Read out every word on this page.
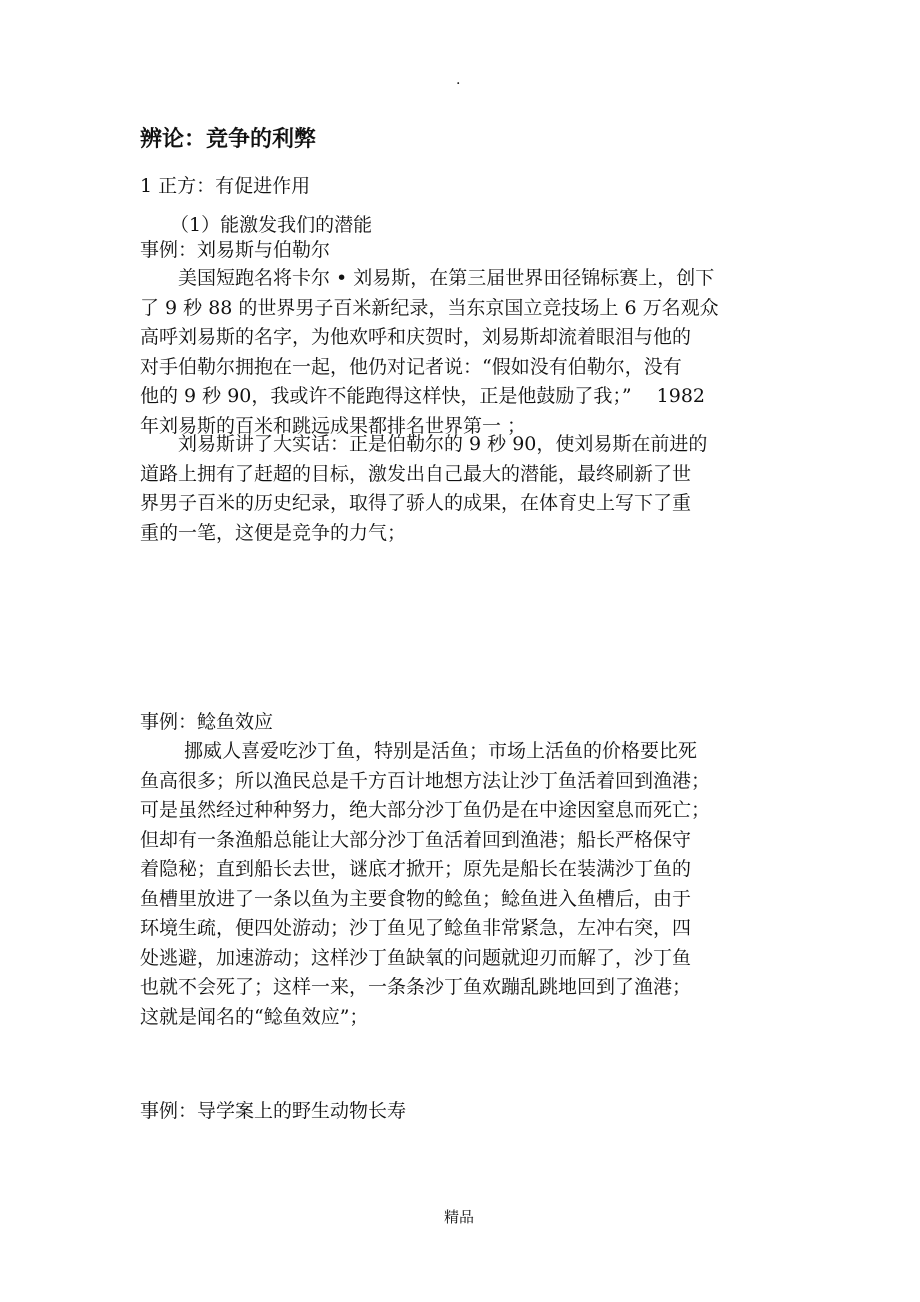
.
辨论：竞争的利弊
1 正方：有促进作用
（1）能激发我们的潜能
事例：刘易斯与伯勒尔
美国短跑名将卡尔 • 刘易斯，在第三届世界田径锦标赛上，创下
了 9 秒 88 的世界男子百米新纪录，当东京国立竞技场上 6 万名观众
高呼刘易斯的名字，为他欢呼和庆贺时，刘易斯却流着眼泪与他的
对手伯勒尔拥抱在一起，他仍对记者说：“假如没有伯勒尔，没有
他的 9 秒 90，我或许不能跑得这样快，正是他鼓励了我；”　 1982
年刘易斯的百米和跳远成果都排名世界第一 ；
刘易斯讲了大实话：正是伯勒尔的 9 秒 90，使刘易斯在前进的
道路上拥有了赶超的目标，激发出自己最大的潜能，最终刷新了世
界男子百米的历史纪录，取得了骄人的成果，在体育史上写下了重
重的一笔，这便是竞争的力气；
事例：鲶鱼效应
挪威人喜爱吃沙丁鱼，特别是活鱼；市场上活鱼的价格要比死
鱼高很多；所以渔民总是千方百计地想方法让沙丁鱼活着回到渔港；
可是虽然经过种种努力，绝大部分沙丁鱼仍是在中途因窒息而死亡；
但却有一条渔船总能让大部分沙丁鱼活着回到渔港；船长严格保守
着隐秘；直到船长去世，谜底才掀开；原先是船长在装满沙丁鱼的
鱼槽里放进了一条以鱼为主要食物的鲶鱼；鲶鱼进入鱼槽后，由于
环境生疏，便四处游动；沙丁鱼见了鲶鱼非常紧急，左冲右突，四
处逃避，加速游动；这样沙丁鱼缺氧的问题就迎刃而解了，沙丁鱼
也就不会死了；这样一来，一条条沙丁鱼欢蹦乱跳地回到了渔港；
这就是闻名的“鲶鱼效应”；
事例：导学案上的野生动物长寿
精品
